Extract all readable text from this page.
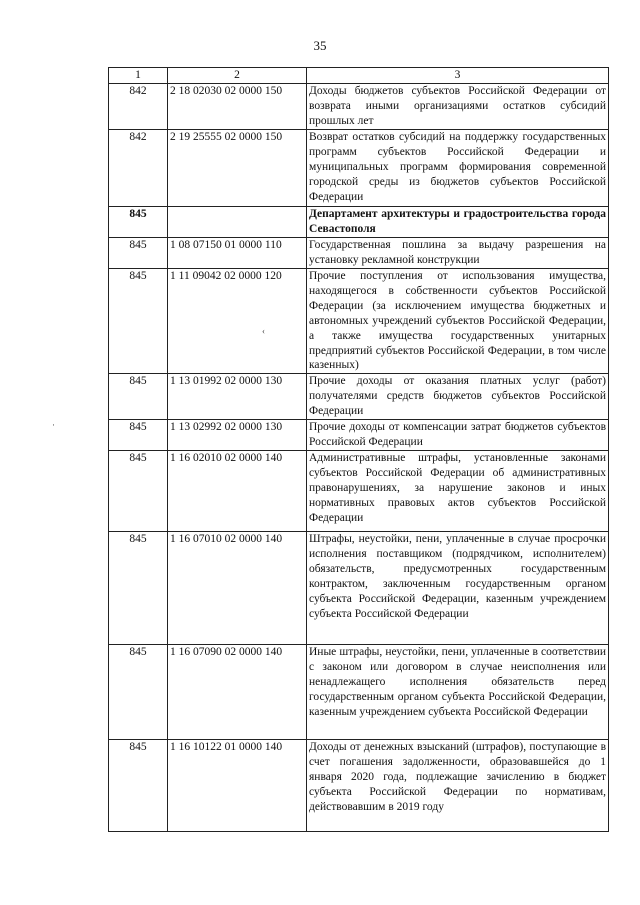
35
1	2	3
842	2 18 02030 02 0000 150	Доходы бюджетов субъектов Российской Федерации от возврата иными организациями остатков субсидий прошлых лет
842	2 19 25555 02 0000 150	Возврат остатков субсидий на поддержку государственных программ субъектов Российской Федерации и муниципальных программ формирования современной городской среды из бюджетов субъектов Российской Федерации
845		Департамент архитектуры и градостроительства города Севастополя
845	1 08 07150 01 0000 110	Государственная пошлина за выдачу разрешения на установку рекламной конструкции
845	1 11 09042 02 0000 120	Прочие поступления от использования имущества, находящегося в собственности субъектов Российской Федерации (за исключением имущества бюджетных и автономных учреждений субъектов Российской Федерации, а также имущества государственных унитарных предприятий субъектов Российской Федерации, в том числе казенных)
845	1 13 01992 02 0000 130	Прочие доходы от оказания платных услуг (работ) получателями средств бюджетов субъектов Российской Федерации
845	1 13 02992 02 0000 130	Прочие доходы от компенсации затрат бюджетов субъектов Российской Федерации
845	1 16 02010 02 0000 140	Административные штрафы, установленные законами субъектов Российской Федерации об административных правонарушениях, за нарушение законов и иных нормативных правовых актов субъектов Российской Федерации
845	1 16 07010 02 0000 140	Штрафы, неустойки, пени, уплаченные в случае просрочки исполнения поставщиком (подрядчиком, исполнителем) обязательств, предусмотренных государственным контрактом, заключенным государственным органом субъекта Российской Федерации, казенным учреждением субъекта Российской Федерации
845	1 16 07090 02 0000 140	Иные штрафы, неустойки, пени, уплаченные в соответствии с законом или договором в случае неисполнения или ненадлежащего исполнения обязательств перед государственным органом субъекта Российской Федерации, казенным учреждением субъекта Российской Федерации
845	1 16 10122 01 0000 140	Доходы от денежных взысканий (штрафов), поступающие в счет погашения задолженности, образовавшейся до 1 января 2020 года, подлежащие зачислению в бюджет субъекта Российской Федерации по нормативам, действовавшим в 2019 году
·
‹
